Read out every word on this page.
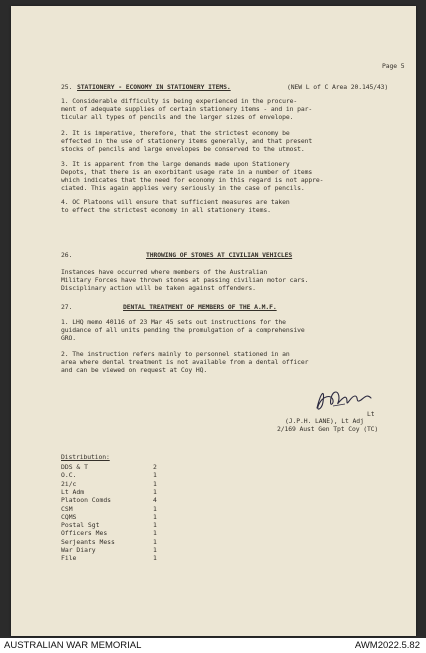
Page 5
25. STATIONERY - ECONOMY IN STATIONERY ITEMS.	(NEW L of C Area 20.145/43)
1. Considerable difficulty is being experienced in the procure-
ment of adequate supplies of certain stationery items - and in par-
ticular all types of pencils and the larger sizes of envelope.
2. It is imperative, therefore, that the strictest economy be
effected in the use of stationery items generally, and that present
stocks of pencils and large envelopes be conserved to the utmost.
3. It is apparent from the large demands made upon Stationery
Depots, that there is an exorbitant usage rate in a number of items
which indicates that the need for economy in this regard is not appre-
ciated. This again applies very seriously in the case of pencils.
4. OC Platoons will ensure that sufficient measures are taken
to effect the strictest economy in all stationery items.
26.	THROWING OF STONES AT CIVILIAN VEHICLES
Instances have occurred where members of the Australian
Military Forces have thrown stones at passing civilian motor cars.
Disciplinary action will be taken against offenders.
27.	DENTAL TREATMENT OF MEMBERS OF THE A.M.F.
1. LHQ memo 40116 of 23 Mar 45 sets out instructions for the
guidance of all units pending the promulgation of a comprehensive
GRO.
2. The instruction refers mainly to personnel stationed in an
area where dental treatment is not available from a dental officer
and can be viewed on request at Coy HQ.
Lt
(J.P.H. LANE), Lt Adj
2/169 Aust Gen Tpt Coy (TC)
Distribution:
DDS & T	2
O.C.	1
2i/c	1
Lt Adm	1
Platoon Comds	4
CSM	1
CQMS	1
Postal Sgt	1
Officers Mes	1
Serjeants Mess	1
War Diary	1
File	1
AUSTRALIAN WAR MEMORIAL	AWM2022.5.82
